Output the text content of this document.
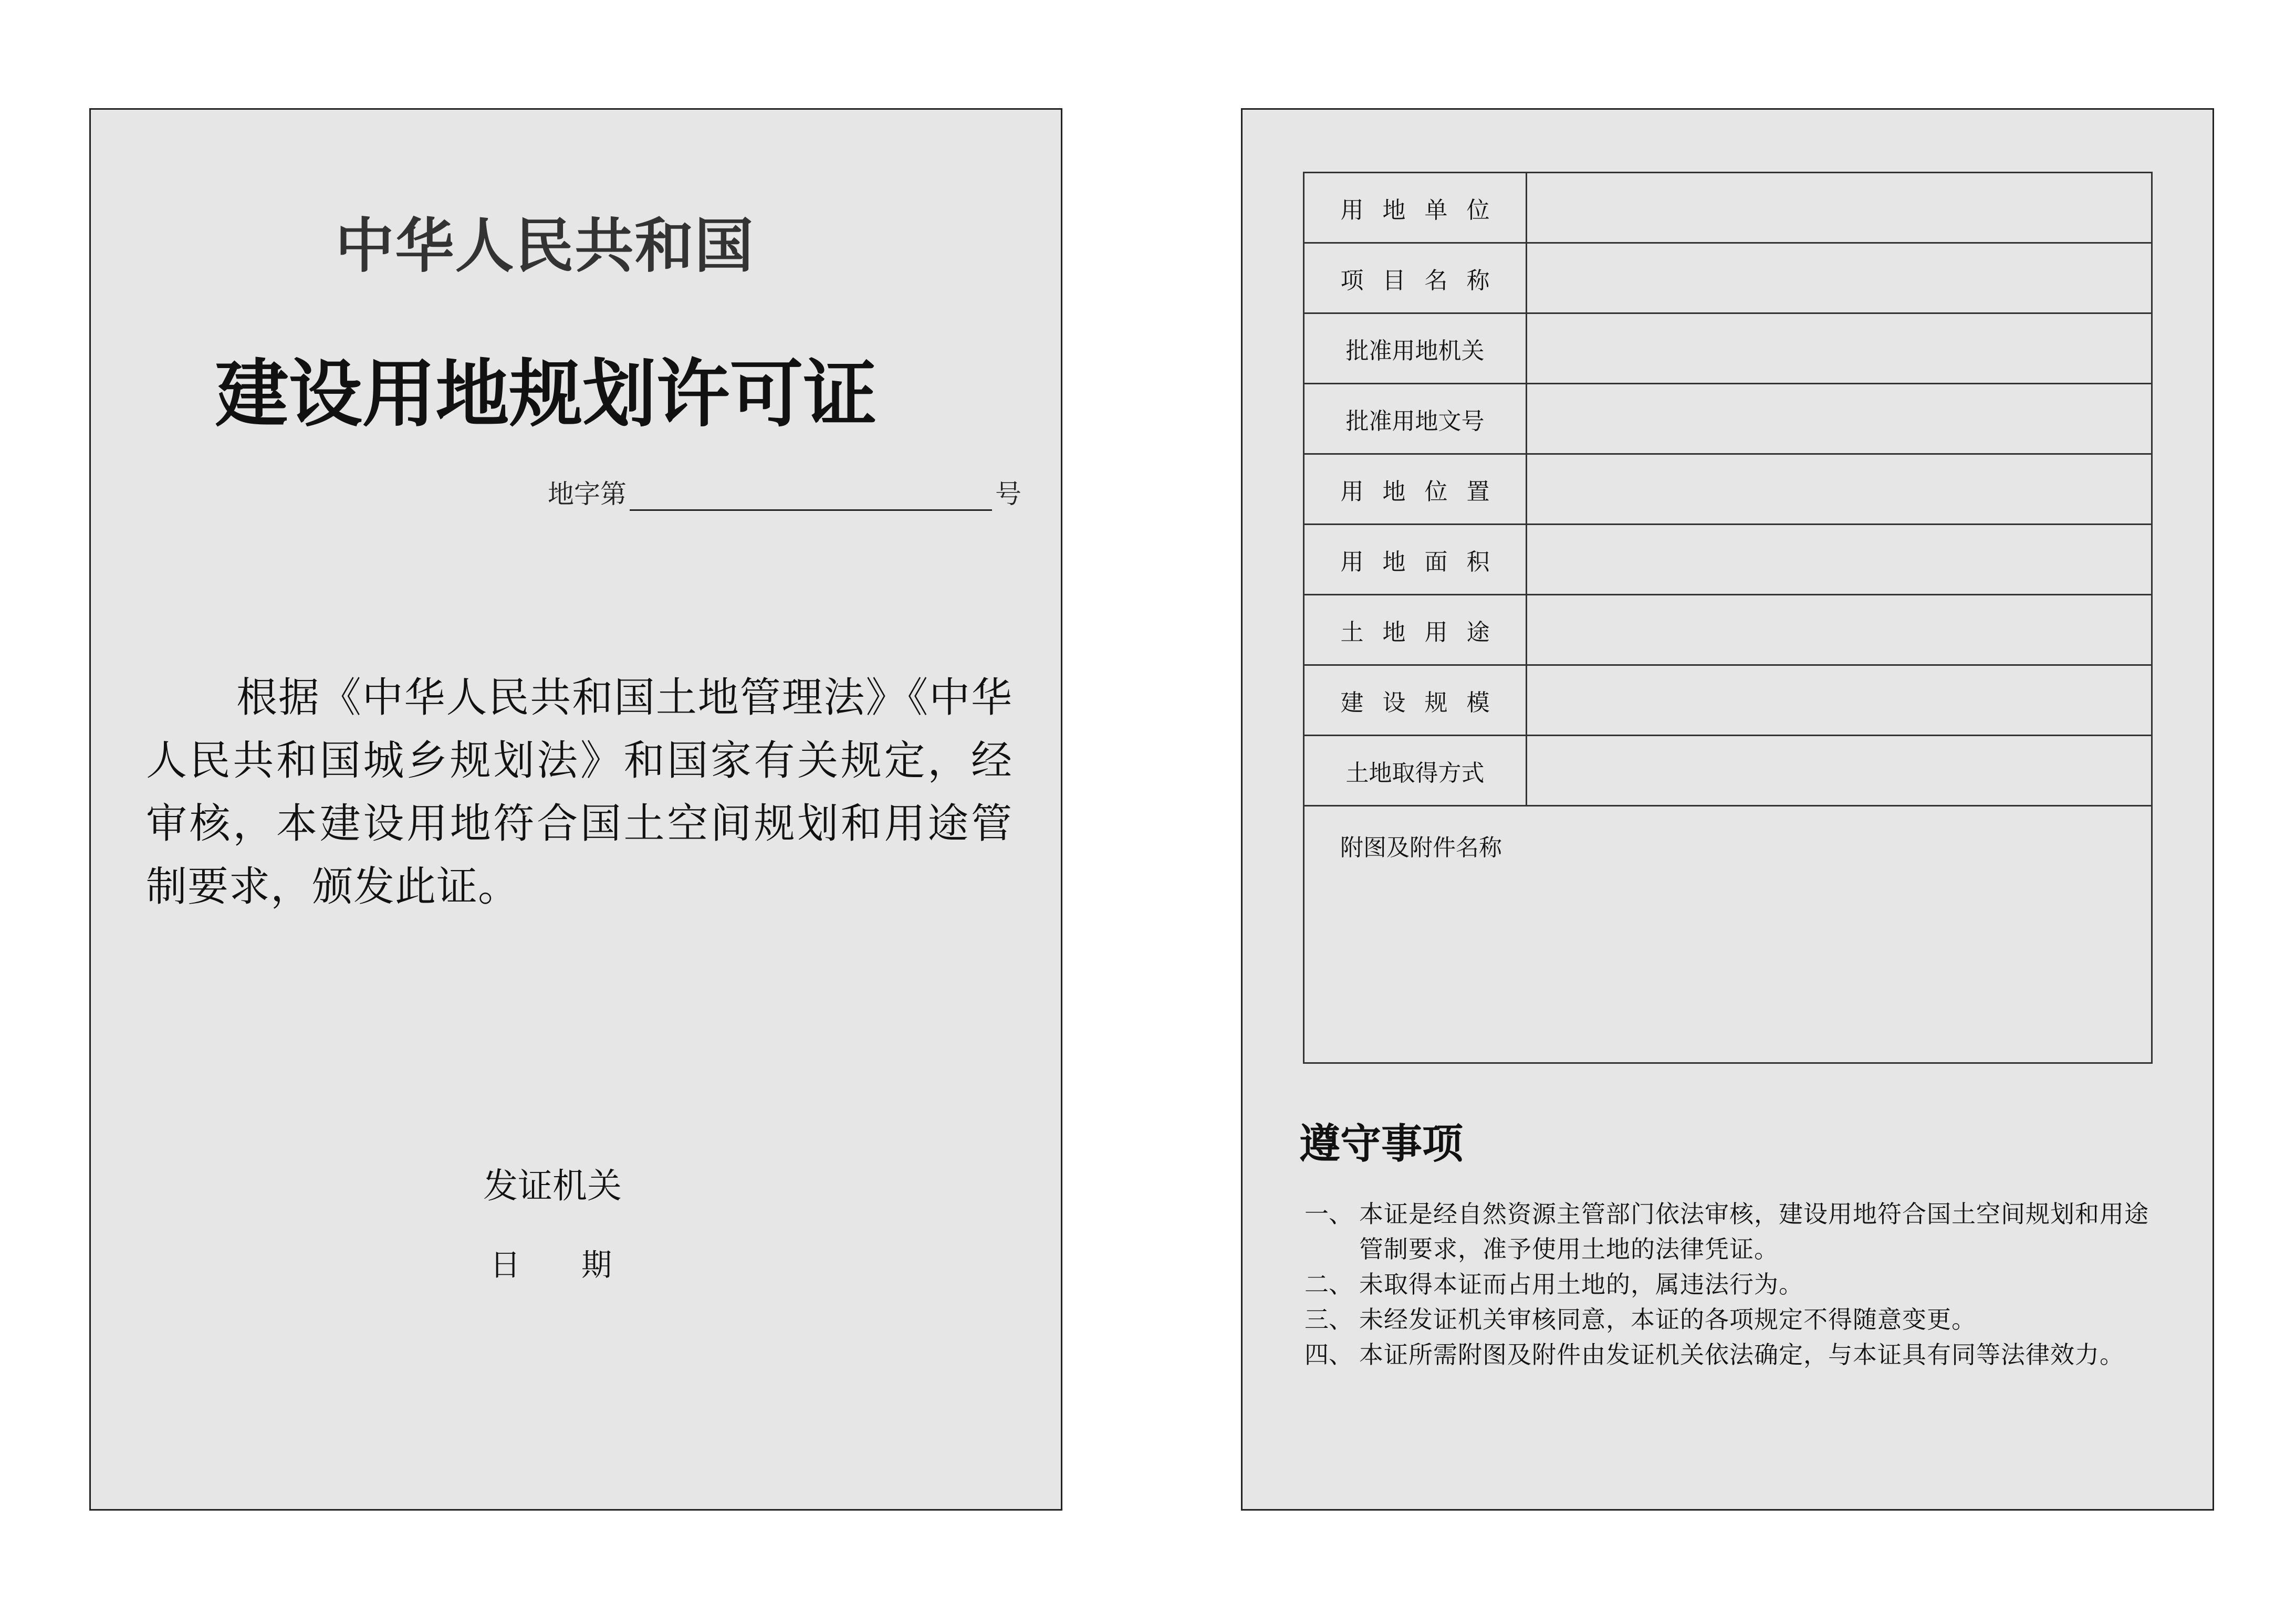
中华人民共和国
建设用地规划许可证
地字第	号

根据《中华人民共和国土地管理法》《中华人民共和国城乡规划法》和国家有关规定，经审核，本建设用地符合国土空间规划和用途管制要求，颁发此证。

发证机关
日　　期
用地单位	
项目名称	
批准用地机关	
批准用地文号	
用地位置	
用地面积	
土地用途	
建设规模	
土地取得方式	
附图及附件名称	
遵守事项
一、 本证是经自然资源主管部门依法审核，建设用地符合国土空间规划和用途管制要求，准予使用土地的法律凭证。
二、 未取得本证而占用土地的，属违法行为。
三、 未经发证机关审核同意，本证的各项规定不得随意变更。
四、 本证所需附图及附件由发证机关依法确定，与本证具有同等法律效力。
